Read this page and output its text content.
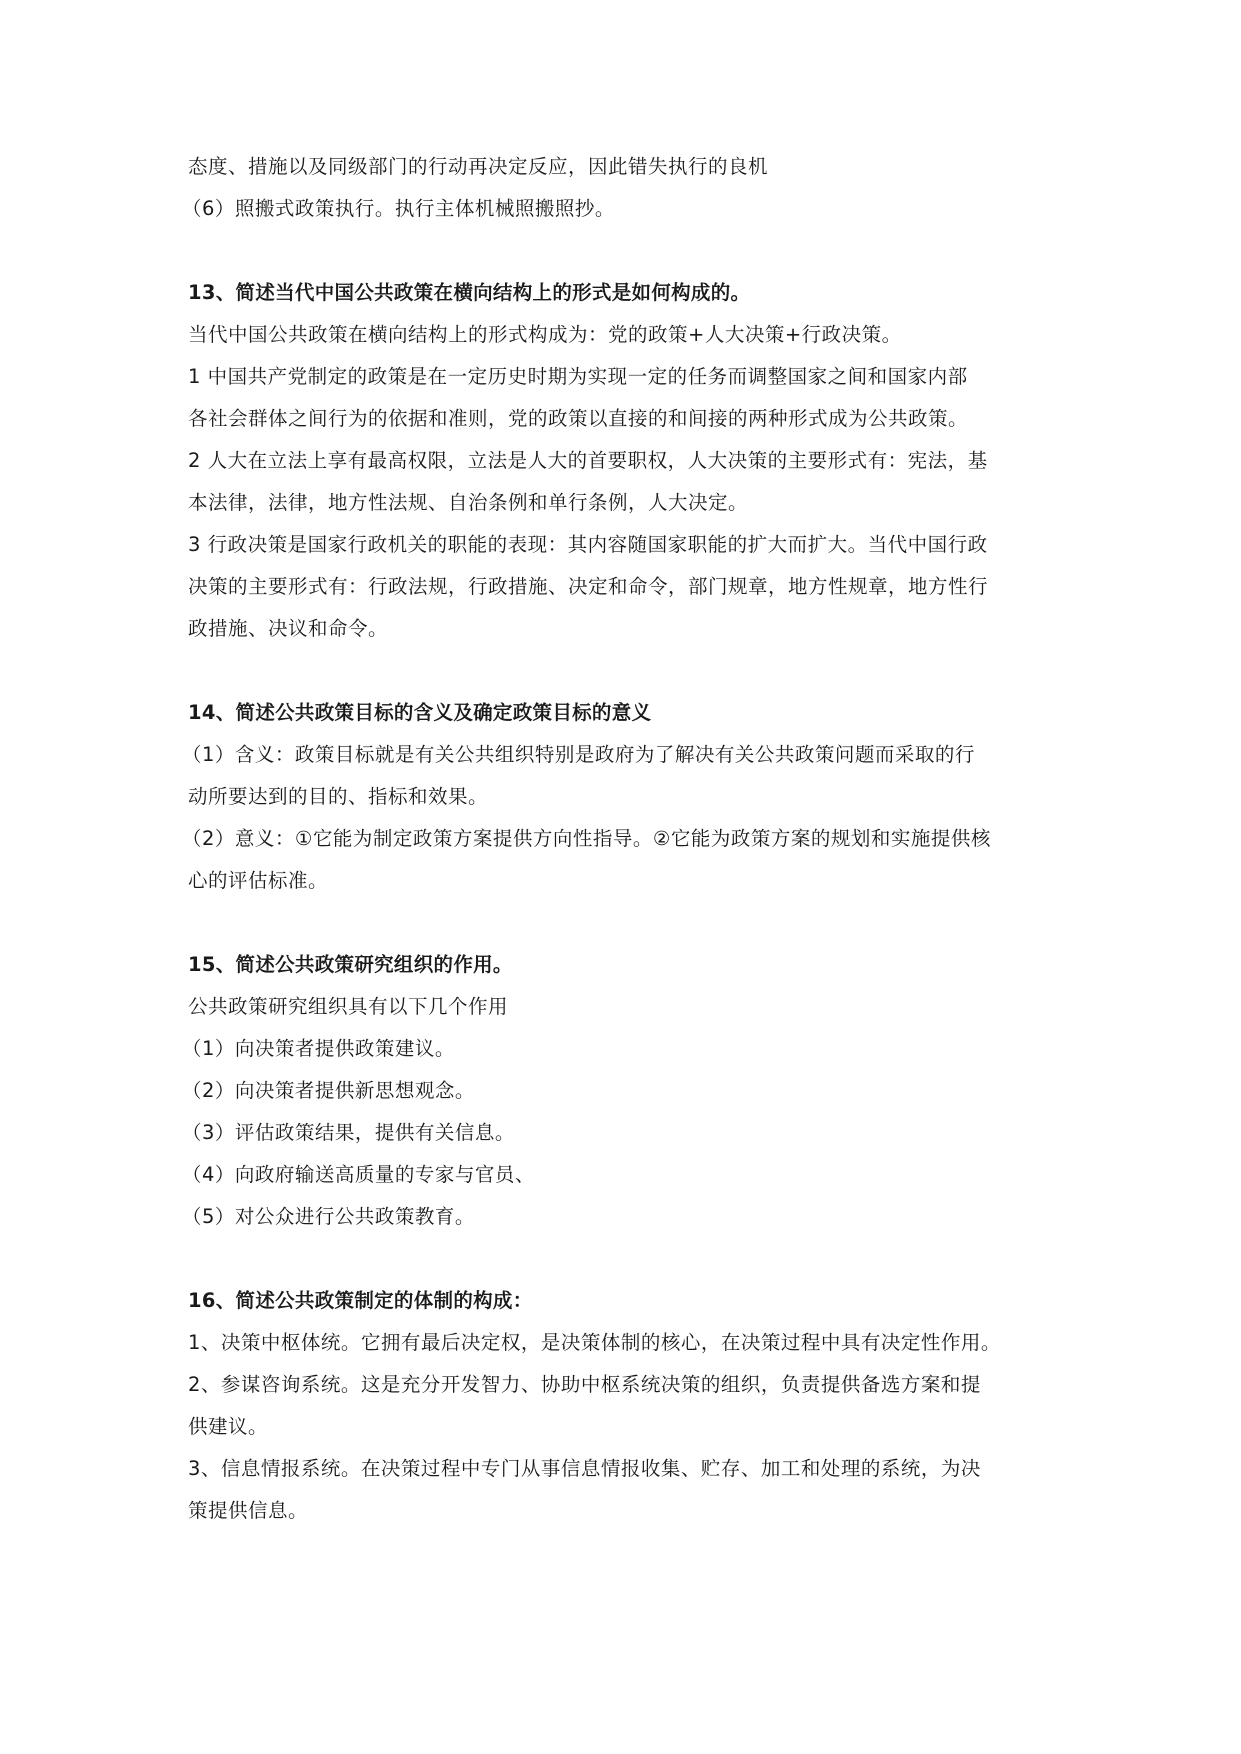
态度、措施以及同级部门的行动再决定反应，因此错失执行的良机
（6）照搬式政策执行。执行主体机械照搬照抄。
13、简述当代中国公共政策在横向结构上的形式是如何构成的。
当代中国公共政策在横向结构上的形式构成为：党的政策+人大决策+行政决策。
1 中国共产党制定的政策是在一定历史时期为实现一定的任务而调整国家之间和国家内部
各社会群体之间行为的依据和准则，党的政策以直接的和间接的两种形式成为公共政策。
2 人大在立法上享有最高权限，立法是人大的首要职权，人大决策的主要形式有：宪法，基
本法律，法律，地方性法规、自治条例和单行条例，人大决定。
3 行政决策是国家行政机关的职能的表现：其内容随国家职能的扩大而扩大。当代中国行政
决策的主要形式有：行政法规，行政措施、决定和命令，部门规章，地方性规章，地方性行
政措施、决议和命令。
14、简述公共政策目标的含义及确定政策目标的意义
（1）含义：政策目标就是有关公共组织特别是政府为了解决有关公共政策问题而采取的行
动所要达到的目的、指标和效果。
（2）意义：①它能为制定政策方案提供方向性指导。②它能为政策方案的规划和实施提供核
心的评估标准。
15、简述公共政策研究组织的作用。
公共政策研究组织具有以下几个作用
（1）向决策者提供政策建议。
（2）向决策者提供新思想观念。
（3）评估政策结果，提供有关信息。
（4）向政府输送高质量的专家与官员、
（5）对公众进行公共政策教育。
16、简述公共政策制定的体制的构成：
1、决策中枢体统。它拥有最后决定权，是决策体制的核心，在决策过程中具有决定性作用。
2、参谋咨询系统。这是充分开发智力、协助中枢系统决策的组织，负责提供备选方案和提
供建议。
3、信息情报系统。在决策过程中专门从事信息情报收集、贮存、加工和处理的系统，为决
策提供信息。
